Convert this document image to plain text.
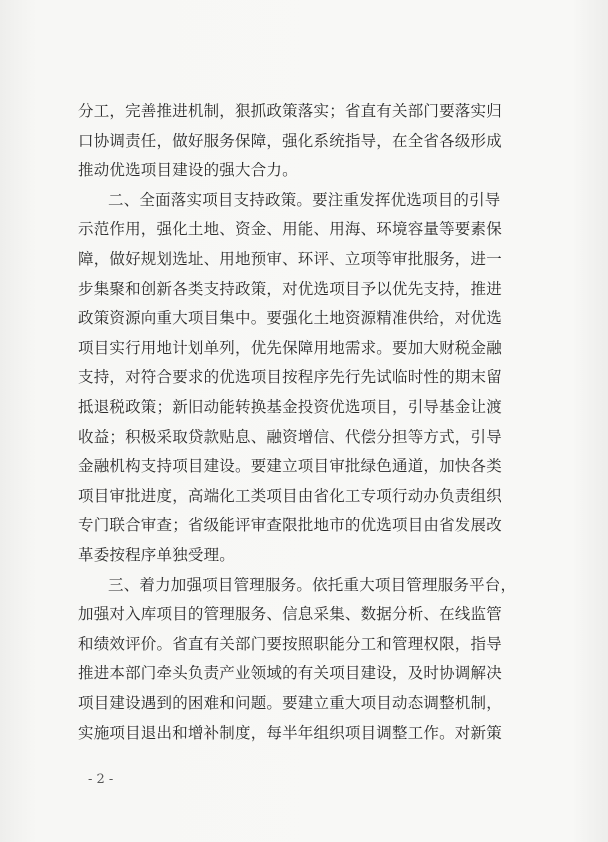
分工，完善推进机制，狠抓政策落实；省直有关部门要落实归
口协调责任，做好服务保障，强化系统指导，在全省各级形成
推动优选项目建设的强大合力。
二、全面落实项目支持政策。要注重发挥优选项目的引导
示范作用，强化土地、资金、用能、用海、环境容量等要素保
障，做好规划选址、用地预审、环评、立项等审批服务，进一
步集聚和创新各类支持政策，对优选项目予以优先支持，推进
政策资源向重大项目集中。要强化土地资源精准供给，对优选
项目实行用地计划单列，优先保障用地需求。要加大财税金融
支持，对符合要求的优选项目按程序先行先试临时性的期末留
抵退税政策；新旧动能转换基金投资优选项目，引导基金让渡
收益；积极采取贷款贴息、融资增信、代偿分担等方式，引导
金融机构支持项目建设。要建立项目审批绿色通道，加快各类
项目审批进度，高端化工类项目由省化工专项行动办负责组织
专门联合审查；省级能评审查限批地市的优选项目由省发展改
革委按程序单独受理。
三、着力加强项目管理服务。依托重大项目管理服务平台，
加强对入库项目的管理服务、信息采集、数据分析、在线监管
和绩效评价。省直有关部门要按照职能分工和管理权限，指导
推进本部门牵头负责产业领域的有关项目建设，及时协调解决
项目建设遇到的困难和问题。要建立重大项目动态调整机制，
实施项目退出和增补制度，每半年组织项目调整工作。对新策
- 2 -
